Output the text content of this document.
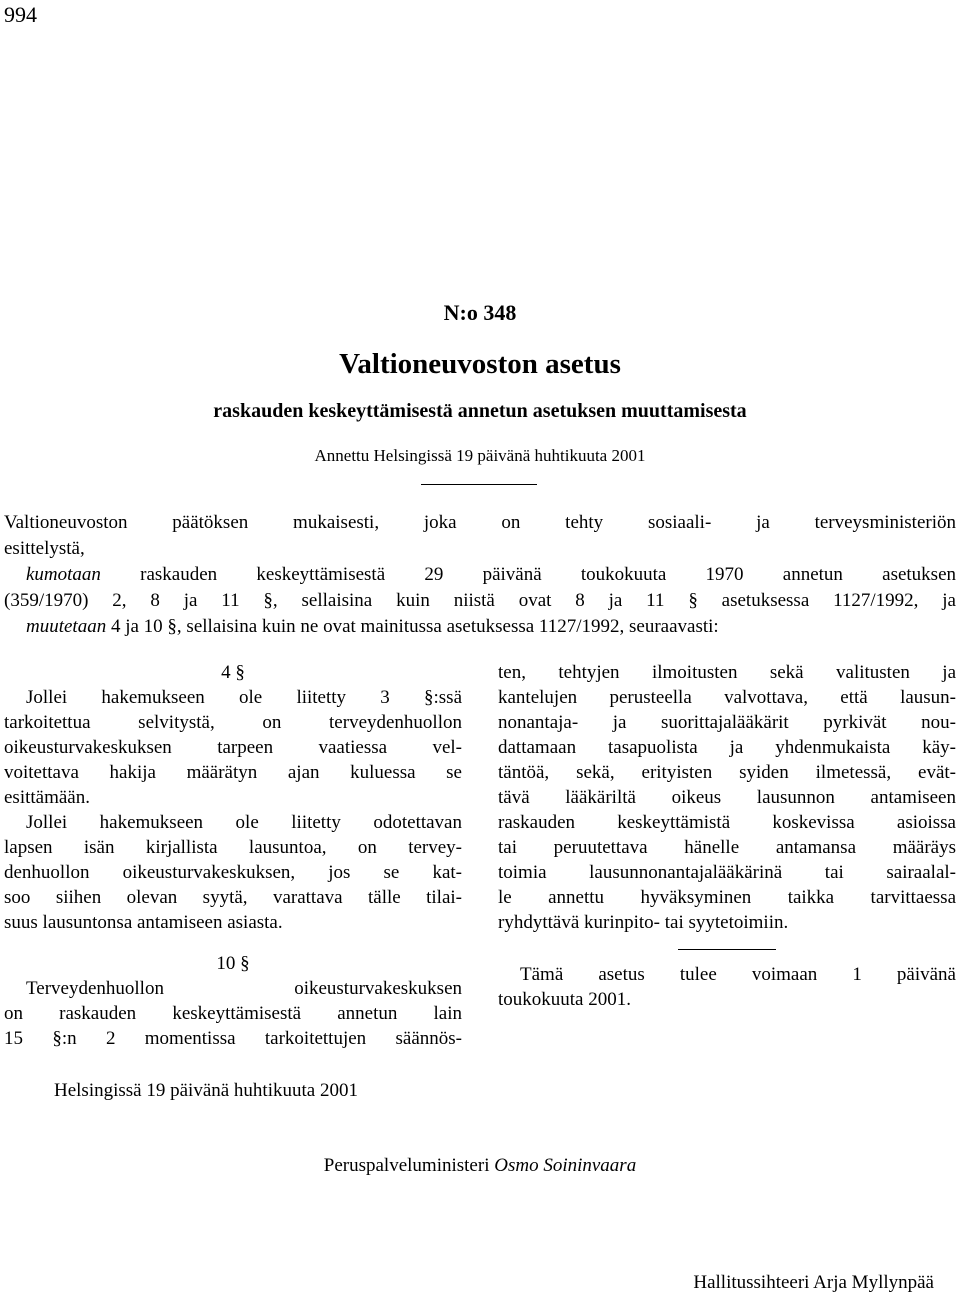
994
N:o 348
Valtioneuvoston asetus
raskauden keskeyttämisestä annetun asetuksen muuttamisesta
Annettu Helsingissä 19 päivänä huhtikuuta 2001

Valtioneuvoston päätöksen mukaisesti, joka on tehty sosiaali- ja terveysministeriön

esittelystä,

kumotaan raskauden keskeyttämisestä 29 päivänä toukokuuta 1970 annetun asetuksen

(359/1970) 2, 8 ja 11 §, sellaisina kuin niistä ovat 8 ja 11 § asetuksessa 1127/1992, ja

muutetaan 4 ja 10 §, sellaisina kuin ne ovat mainitussa asetuksessa 1127/1992, seuraavasti:

4 §

Jollei hakemukseen ole liitetty 3 §:ssä

tarkoitettua selvitystä, on terveydenhuollon

oikeusturvakeskuksen tarpeen vaatiessa vel-

voitettava hakija määrätyn ajan kuluessa se

esittämään.

Jollei hakemukseen ole liitetty odotettavan

lapsen isän kirjallista lausuntoa, on tervey-

denhuollon oikeusturvakeskuksen, jos se kat-

soo siihen olevan syytä, varattava tälle tilai-

suus lausuntonsa antamiseen asiasta.

10 §

Terveydenhuollon oikeusturvakeskuksen

on raskauden keskeyttämisestä annetun lain

15 §:n 2 momentissa tarkoitettujen säännös-

ten, tehtyjen ilmoitusten sekä valitusten ja

kantelujen perusteella valvottava, että lausun-

nonantaja- ja suorittajalääkärit pyrkivät nou-

dattamaan tasapuolista ja yhdenmukaista käy-

täntöä, sekä, erityisten syiden ilmetessä, evät-

tävä lääkäriltä oikeus lausunnon antamiseen

raskauden keskeyttämistä koskevissa asioissa

tai peruutettava hänelle antamansa määräys

toimia lausunnonantajalääkärinä tai sairaalal-

le annettu hyväksyminen taikka tarvittaessa

ryhdyttävä kurinpito- tai syytetoimiin.

Tämä asetus tulee voimaan 1 päivänä

toukokuuta 2001.

Helsingissä 19 päivänä huhtikuuta 2001
Peruspalveluministeri Osmo Soininvaara
Hallitussihteeri Arja Myllynpää
